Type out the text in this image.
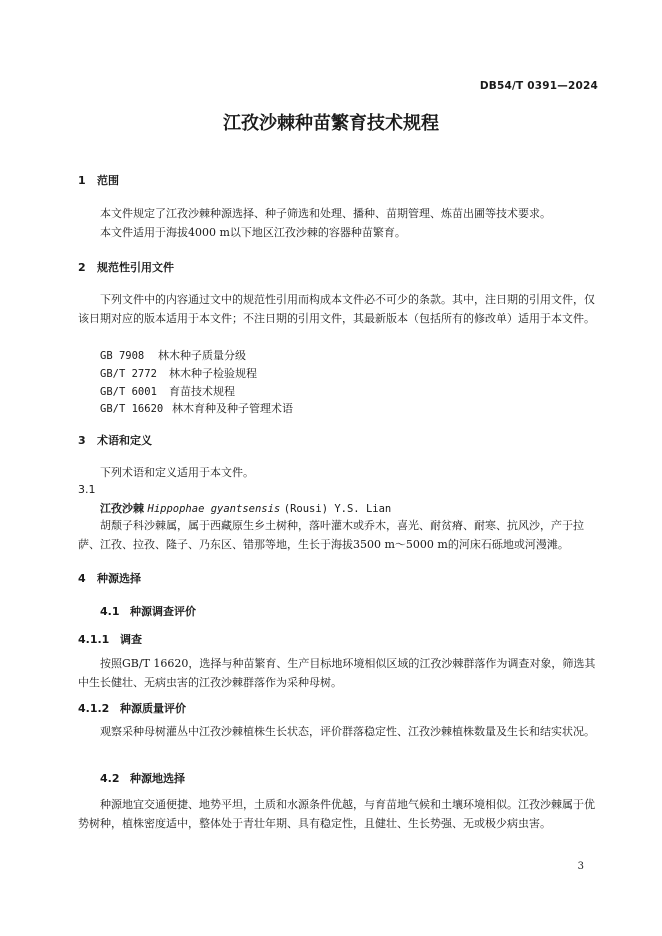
DB54/T 0391—2024
江孜沙棘种苗繁育技术规程
1 范围
本文件规定了江孜沙棘种源选择、种子筛选和处理、播种、苗期管理、炼苗出圃等技术要求。
本文件适用于海拔4000 m以下地区江孜沙棘的容器种苗繁育。
2 规范性引用文件
下列文件中的内容通过文中的规范性引用而构成本文件必不可少的条款。其中，注日期的引用文件，仅该日期对应的版本适用于本文件；不注日期的引用文件，其最新版本（包括所有的修改单）适用于本文件。
GB 7908 林木种子质量分级
GB/T 2772 林木种子检验规程
GB/T 6001 育苗技术规程
GB/T 16620 林木育种及种子管理术语
3 术语和定义
下列术语和定义适用于本文件。
3.1
江孜沙棘 Hippophae gyantsensis (Rousi) Y.S. Lian
胡颓子科沙棘属，属于西藏原生乡土树种，落叶灌木或乔木，喜光、耐贫瘠、耐寒、抗风沙，产于拉萨、江孜、拉孜、隆子、乃东区、错那等地，生长于海拔3500 m～5000 m的河床石砾地或河漫滩。
4 种源选择
4.1 种源调查评价
4.1.1 调查
按照GB/T 16620，选择与种苗繁育、生产目标地环境相似区域的江孜沙棘群落作为调查对象，筛选其中生长健壮、无病虫害的江孜沙棘群落作为采种母树。
4.1.2 种源质量评价
观察采种母树灌丛中江孜沙棘植株生长状态，评价群落稳定性、江孜沙棘植株数量及生长和结实状况。
4.2 种源地选择
种源地宜交通便捷、地势平坦，土质和水源条件优越，与育苗地气候和土壤环境相似。江孜沙棘属于优势树种，植株密度适中，整体处于青壮年期、具有稳定性，且健壮、生长势强、无或极少病虫害。
3
